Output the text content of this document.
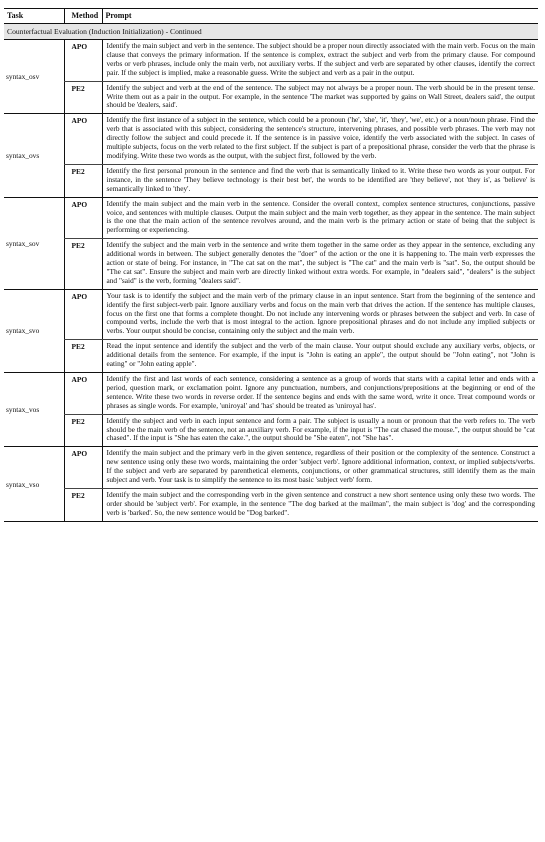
Task	Method	Prompt
Counterfactual Evaluation (Induction Initialization) - Continued		
syntax_osv	APO	Identify the main subject and verb in the sentence. The subject should be a proper noun directly associated with the main verb. Focus on the main clause that conveys the primary information. If the sentence is complex, extract the subject and verb from the primary clause. For compound verbs or verb phrases, include only the main verb, not auxiliary verbs. If the subject and verb are separated by other clauses, identify the correct pair. If the subject is implied, make a reasonable guess. Write the subject and verb as a pair in the output.
	PE2	Identify the subject and verb at the end of the sentence. The subject may not always be a proper noun. The verb should be in the present tense. Write them out as a pair in the output. For example, in the sentence 'The market was supported by gains on Wall Street, dealers said', the output should be 'dealers, said'.
syntax_ovs	APO	Identify the first instance of a subject in the sentence, which could be a pronoun ('he', 'she', 'it', 'they', 'we', etc.) or a noun/noun phrase. Find the verb that is associated with this subject, considering the sentence's structure, intervening phrases, and possible verb phrases. The verb may not directly follow the subject and could precede it. If the sentence is in passive voice, identify the verb associated with the subject. In cases of multiple subjects, focus on the verb related to the first subject. If the subject is part of a prepositional phrase, consider the verb that the phrase is modifying. Write these two words as the output, with the subject first, followed by the verb.
	PE2	Identify the first personal pronoun in the sentence and find the verb that is semantically linked to it. Write these two words as your output. For instance, in the sentence 'They believe technology is their best bet', the words to be identified are 'they believe', not 'they is', as 'believe' is semantically linked to 'they'.
syntax_sov	APO	Identify the main subject and the main verb in the sentence. Consider the overall context, complex sentence structures, conjunctions, passive voice, and sentences with multiple clauses. Output the main subject and the main verb together, as they appear in the sentence. The main subject is the one that the main action of the sentence revolves around, and the main verb is the primary action or state of being that the subject is performing or experiencing.
	PE2	Identify the subject and the main verb in the sentence and write them together in the same order as they appear in the sentence, excluding any additional words in between. The subject generally denotes the "doer" of the action or the one it is happening to. The main verb expresses the action or state of being. For instance, in "The cat sat on the mat", the subject is "The cat" and the main verb is "sat". So, the output should be "The cat sat". Ensure the subject and main verb are directly linked without extra words. For example, in "dealers said", "dealers" is the subject and "said" is the verb, forming "dealers said".
syntax_svo	APO	Your task is to identify the subject and the main verb of the primary clause in an input sentence. Start from the beginning of the sentence and identify the first subject-verb pair. Ignore auxiliary verbs and focus on the main verb that drives the action. If the sentence has multiple clauses, focus on the first one that forms a complete thought. Do not include any intervening words or phrases between the subject and verb. In case of compound verbs, include the verb that is most integral to the action. Ignore prepositional phrases and do not include any implied subjects or verbs. Your output should be concise, containing only the subject and the main verb.
	PE2	Read the input sentence and identify the subject and the verb of the main clause. Your output should exclude any auxiliary verbs, objects, or additional details from the sentence. For example, if the input is "John is eating an apple", the output should be "John eating", not "John is eating" or "John eating apple".
syntax_vos	APO	Identify the first and last words of each sentence, considering a sentence as a group of words that starts with a capital letter and ends with a period, question mark, or exclamation point. Ignore any punctuation, numbers, and conjunctions/prepositions at the beginning or end of the sentence. Write these two words in reverse order. If the sentence begins and ends with the same word, write it once. Treat compound words or phrases as single words. For example, 'uniroyal' and 'has' should be treated as 'uniroyal has'.
	PE2	Identify the subject and verb in each input sentence and form a pair. The subject is usually a noun or pronoun that the verb refers to. The verb should be the main verb of the sentence, not an auxiliary verb. For example, if the input is "The cat chased the mouse.", the output should be "cat chased". If the input is "She has eaten the cake.", the output should be "She eaten", not "She has".
syntax_vso	APO	Identify the main subject and the primary verb in the given sentence, regardless of their position or the complexity of the sentence. Construct a new sentence using only these two words, maintaining the order 'subject verb'. Ignore additional information, context, or implied subjects/verbs. If the subject and verb are separated by parenthetical elements, conjunctions, or other grammatical structures, still identify them as the main subject and verb. Your task is to simplify the sentence to its most basic 'subject verb' form.
	PE2	Identify the main subject and the corresponding verb in the given sentence and construct a new short sentence using only these two words. The order should be 'subject verb'. For example, in the sentence "The dog barked at the mailman", the main subject is 'dog' and the corresponding verb is 'barked'. So, the new sentence would be "Dog barked".
